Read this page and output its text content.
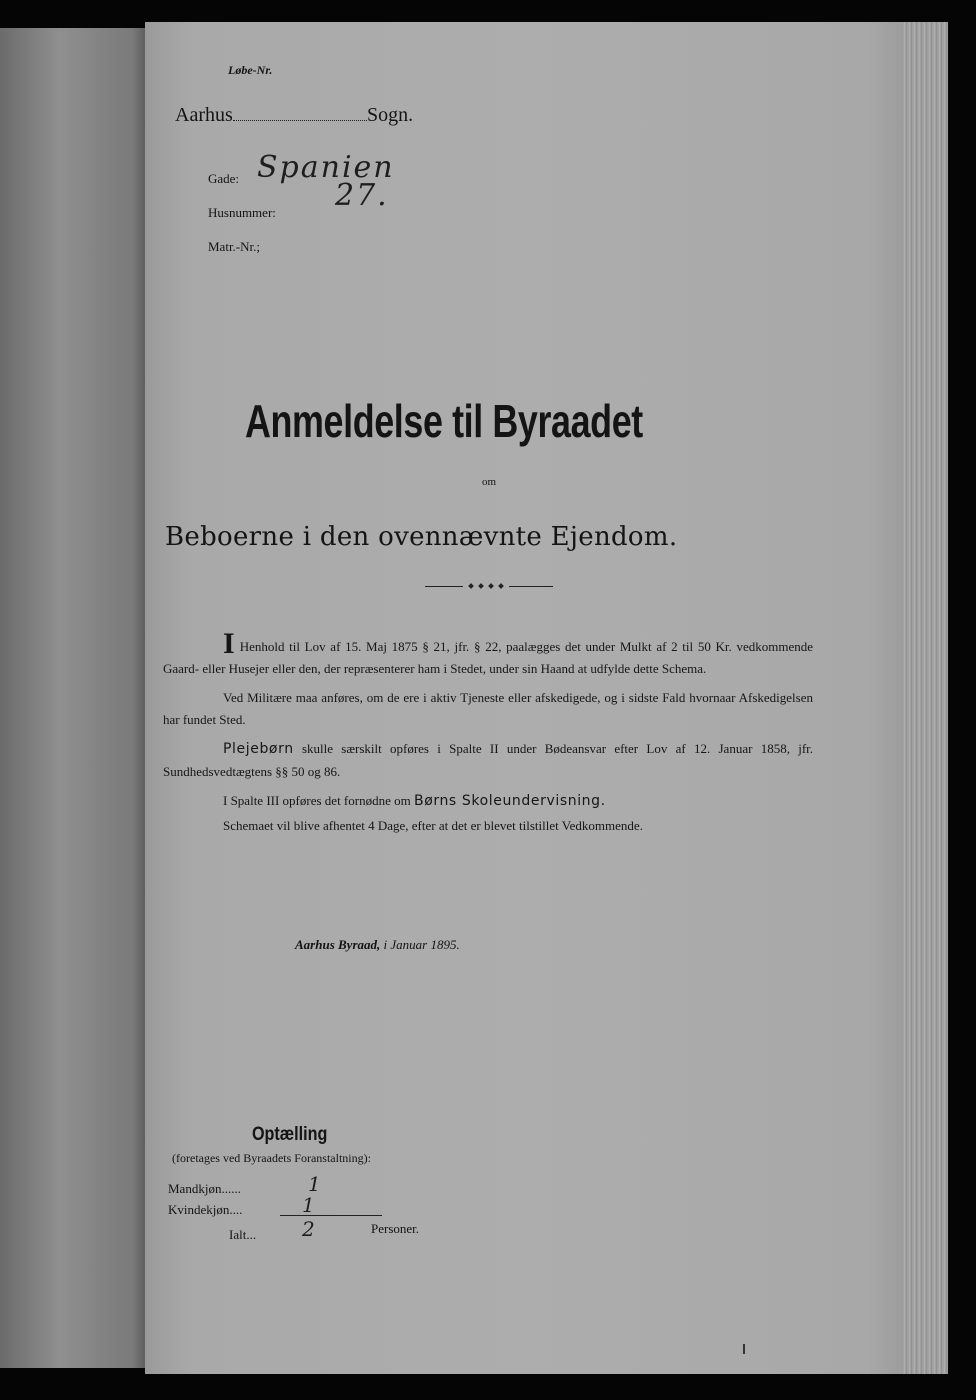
Løbe-Nr.

Aarhus	Sogn.

Gade: Spanien

Husnummer: 27.

Matr.-Nr.;

Anmeldelse til Byraadet

om

Beboerne i den ovennævnte Ejendom.

I Henhold til Lov af 15. Maj 1875 § 21, jfr. § 22, paalægges det under Mulkt af 2 til 50 Kr. vedkommende Gaard- eller Husejer eller den, der repræsenterer ham i Stedet, under sin Haand at udfylde dette Schema.

Ved Militære maa anføres, om de ere i aktiv Tjeneste eller afskedigede, og i sidste Fald hvornaar Afskedigelsen har fundet Sted.

Plejebørn skulle særskilt opføres i Spalte II under Bødeansvar efter Lov af 12. Januar 1858, jfr. Sundhedsvedtægtens §§ 50 og 86.

I Spalte III opføres det fornødne om Børns Skoleundervisning.

Schemaet vil blive afhentet 4 Dage, efter at det er blevet tilstillet Vedkommende.

Aarhus Byraad, i Januar 1895.

Optælling

(foretages ved Byraadets Foranstaltning):

Mandkjøn......	1

Kvindekjøn....	1

Ialt... 2	Personer.
